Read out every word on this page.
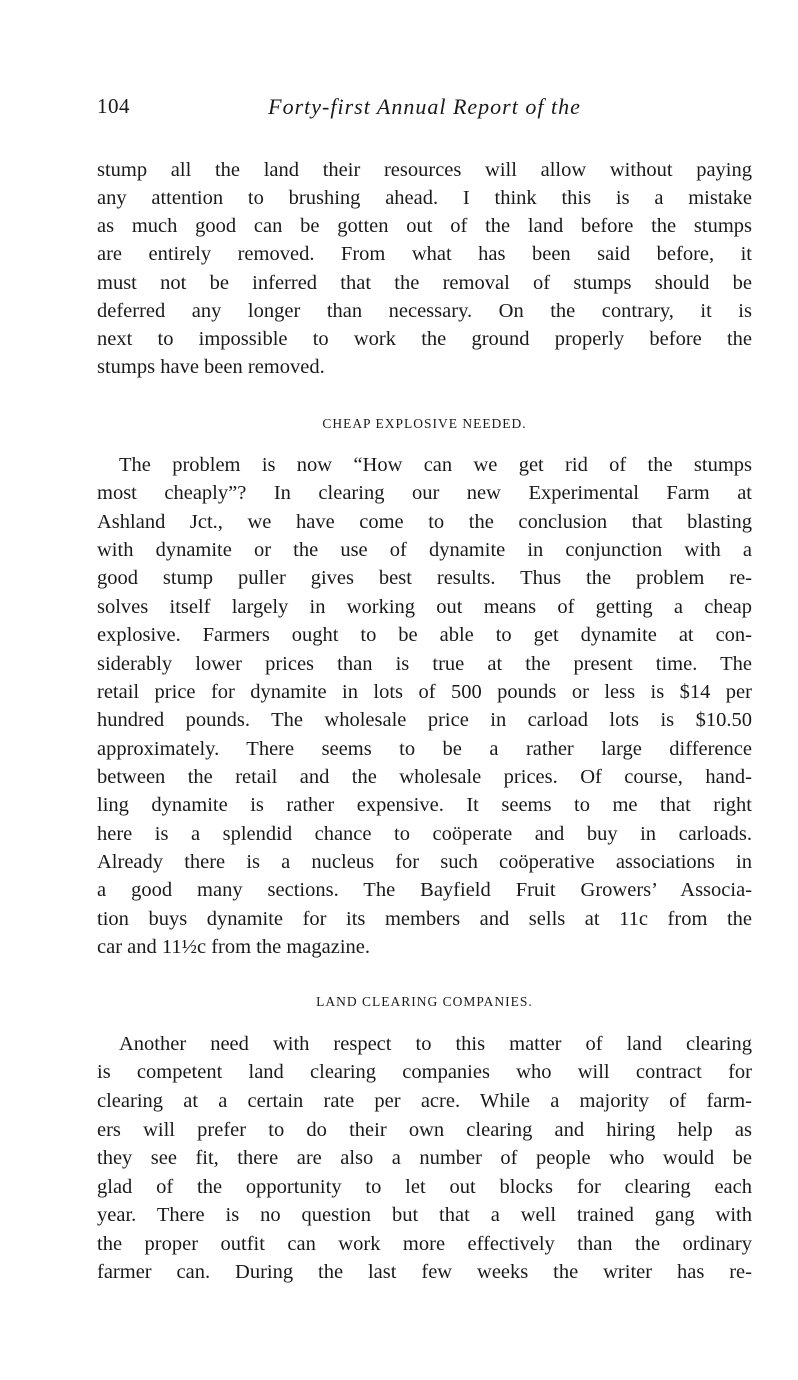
104	Forty-first Annual Report of the
stump all the land their resources will allow without paying
any attention to brushing ahead. I think this is a mistake
as much good can be gotten out of the land before the stumps
are entirely removed. From what has been said before, it
must not be inferred that the removal of stumps should be
deferred any longer than necessary. On the contrary, it is
next to impossible to work the ground properly before the
stumps have been removed.
CHEAP EXPLOSIVE NEEDED.
The problem is now “How can we get rid of the stumps
most cheaply”? In clearing our new Experimental Farm at
Ashland Jct., we have come to the conclusion that blasting
with dynamite or the use of dynamite in conjunction with a
good stump puller gives best results. Thus the problem re-
solves itself largely in working out means of getting a cheap
explosive. Farmers ought to be able to get dynamite at con-
siderably lower prices than is true at the present time. The
retail price for dynamite in lots of 500 pounds or less is $14 per
hundred pounds. The wholesale price in carload lots is $10.50
approximately. There seems to be a rather large difference
between the retail and the wholesale prices. Of course, hand-
ling dynamite is rather expensive. It seems to me that right
here is a splendid chance to coöperate and buy in carloads.
Already there is a nucleus for such coöperative associations in
a good many sections. The Bayfield Fruit Growers’ Associa-
tion buys dynamite for its members and sells at 11c from the
car and 11½c from the magazine.
LAND CLEARING COMPANIES.
Another need with respect to this matter of land clearing
is competent land clearing companies who will contract for
clearing at a certain rate per acre. While a majority of farm-
ers will prefer to do their own clearing and hiring help as
they see fit, there are also a number of people who would be
glad of the opportunity to let out blocks for clearing each
year. There is no question but that a well trained gang with
the proper outfit can work more effectively than the ordinary
farmer can. During the last few weeks the writer has re-
